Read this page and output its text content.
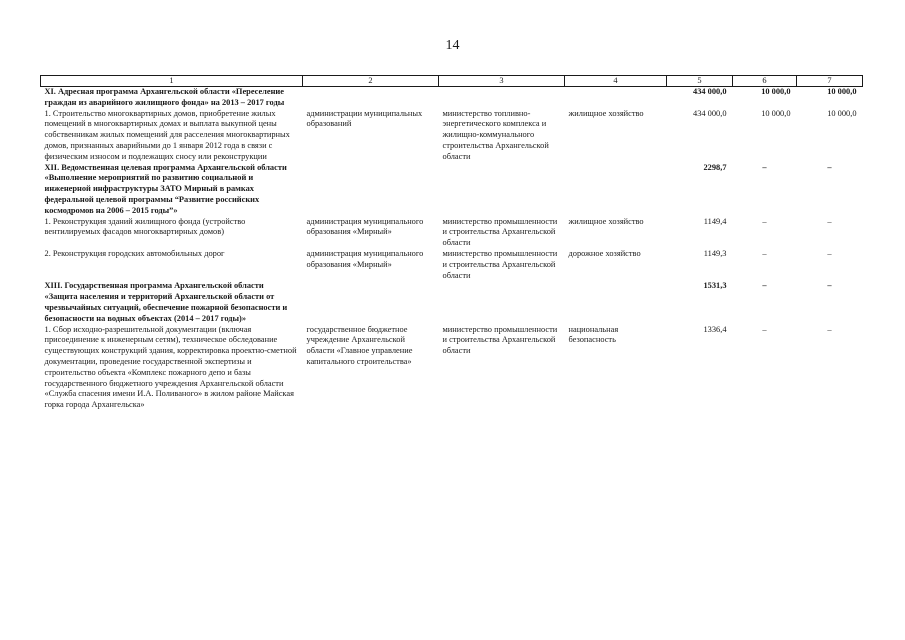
14
1	2	3	4	5	6	7
XI. Адресная программа Архангельской области «Переселение граждан из аварийного жилищного фонда» на 2013 – 2017 годы				434 000,0	10 000,0	10 000,0
1. Строительство многоквартирных домов, приобретение жилых помещений в многоквартирных домах и выплата выкупной цены собственникам жилых помещений для расселения многоквартирных домов, признанных аварийными до 1 января 2012 года в связи с физическим износом и подлежащих сносу или реконструкции	администрации муниципальных образований	министерство топливно-энергетического комплекса и жилищно-коммунального строительства Архангельской области	жилищное хозяйство	434 000,0	10 000,0	10 000,0
XII. Ведомственная целевая программа Архангельской области «Выполнение мероприятий по развитию социальной и инженерной инфраструктуры ЗАТО Мирный в рамках федеральной целевой программы “Развитие российских космодромов на 2006 – 2015 годы”»				2298,7	–	–
1. Реконструкция зданий жилищного фонда (устройство вентилируемых фасадов многоквартирных домов)	администрация муниципального образования «Мирный»	министерство промышленности и строительства Архангельской области	жилищное хозяйство	1149,4	–	–
2. Реконструкция городских автомобильных дорог	администрация муниципального образования «Мирный»	министерство промышленности и строительства Архангельской области	дорожное хозяйство	1149,3	–	–
XIII. Государственная программа Архангельской области «Защита населения и территорий Архангельской области от чрезвычайных ситуаций, обеспечение пожарной безопасности и безопасности на водных объектах (2014 – 2017 годы)»				1531,3	–	–
1. Сбор исходно-разрешительной документации (включая присоединение к инженерным сетям), техническое обследование существующих конструкций здания, корректировка проектно-сметной документации, проведение государственной экспертизы и строительство объекта «Комплекс пожарного депо и базы государственного бюджетного учреждения Архангельской области «Служба спасения имени И.А. Поливаного» в жилом районе Майская горка города Архангельска»	государственное бюджетное учреждение Архангельской области «Главное управление капитального строительства»	министерство промышленности и строительства Архангельской области	национальная безопасность	1336,4	–	–
